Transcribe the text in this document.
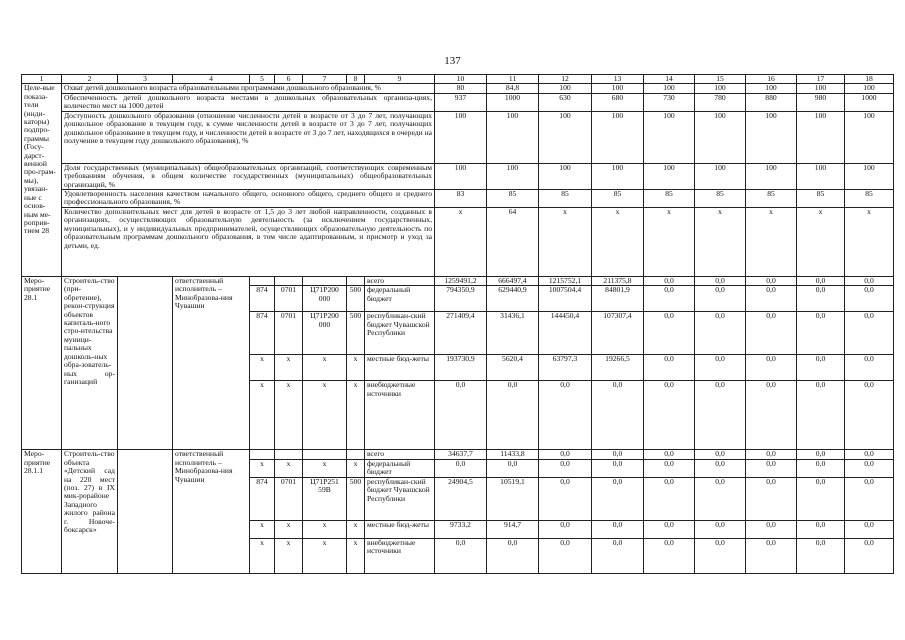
137
1	2	3	4	5	6	7	8	9	10	11	12	13	14	15	16	17	18
Целе-вые показа-тели (инди-каторы) подпро-граммы (Госу-дарст-венной про-грам-мы), увязан-ные с основ-ным ме-роприя-тием 28	Охват детей дошкольного возраста образовательными программами дошкольного образования, %								80	84,8	100	100	100	100	100	100	100
	Обеспеченность детей дошкольного возраста местами в дошкольных образовательных организа-циях, количество мест на 1000 детей								937	1000	630	680	730	780	880	980	1000
	Доступность дошкольного образования (отношение численности детей в возрасте от 3 до 7 лет, получающих дошкольное образование в текущем году, к сумме численности детей в возрасте от 3 до 7 лет, получающих дошкольное образование в текущем году, и численности детей в возрасте от 3 до 7 лет, находящихся в очереди на получение в текущем году дошкольного образования), %								100	100	100	100	100	100	100	100	100
	Доля государственных (муниципальных) общеобразовательных организаций, соответствующих современным требованиям обучения, в общем количестве государственных (муниципальных) общеобразовательных организаций, %								100	100	100	100	100	100	100	100	100
	Удовлетворенность населения качеством начального общего, основного общего, среднего общего и среднего профессионального образования, %								83	85	85	85	85	85	85	85	85
	Количество дополнительных мест для детей в возрасте от 1,5 до 3 лет любой направленности, созданных в организациях, осуществляющих образовательную деятельность (за исключением государственных, муниципальных), и у индивидуальных предпринимателей, осуществляющих образовательную деятельность по образовательным программам дошкольного образования, в том числе адаптированным, и присмотр и уход за детьми, ед.								x	64	x	x	x	x	x	x	x
Меро-приятие 28.1	Строитель-ство (при-обретение), рекон-струкция объектов капиталь-ного стро-ительства муници-пальных дошколь-ных обра-зователь-ных ор-ганизаций		ответственный исполнитель – Минобразова-ния Чувашии					всего	1259491,2	666497,4	1215752,1	211375,8	0,0	0,0	0,0	0,0	0,0
				874	0701	Ц71Р200 000	500	федеральный бюджет	794350,9	629440,9	1007504,4	84801,9	0,0	0,0	0,0	0,0	0,0
				874	0701	Ц71Р200 000	500	республикан-ский бюджет Чувашской Республики	271409,4	31436,1	144450,4	107307,4	0,0	0,0	0,0	0,0	0,0
				x	x	x	x	местные бюд-жеты	193730,9	5620,4	63797,3	19266,5	0,0	0,0	0,0	0,0	0,0
				x	x	x	x	внебюджетные источники	0,0	0,0	0,0	0,0	0,0	0,0	0,0	0,0	0,0
Меро-приятие 28.1.1	Строитель-ство объекта «Детский сад на 220 мест (поз. 27) в IX мик-рорайоне Западного жилого района г. Новоче-боксарск»		ответственный исполнитель – Минобразова-ния Чувашии					всего	34637,7	11433,8	0,0	0,0	0,0	0,0	0,0	0,0	0,0
				x	x	x	x	федеральный бюджет	0,0	0,0	0,0	0,0	0,0	0,0	0,0	0,0	0,0
				874	0701	Ц71Р251 59В	500	республикан-ский бюджет Чувашской Республики	24904,5	10519,1	0,0	0,0	0,0	0,0	0,0	0,0	0,0
				x	x	x	x	местные бюд-жеты	9733,2	914,7	0,0	0,0	0,0	0,0	0,0	0,0	0,0
				x	x	x	x	внебюджетные источники	0,0	0,0	0,0	0,0	0,0	0,0	0,0	0,0	0,0
